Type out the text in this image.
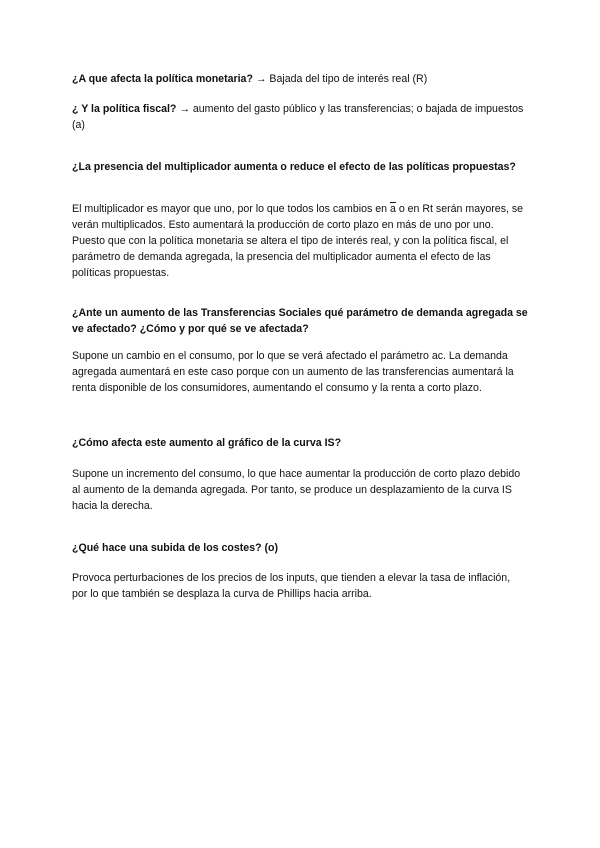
¿A que afecta la política monetaria? → Bajada del tipo de interés real (R)
¿ Y la política fiscal? → aumento del gasto público y las transferencias; o bajada de impuestos (a)
¿La presencia del multiplicador aumenta o reduce el efecto de las políticas propuestas?
El multiplicador es mayor que uno, por lo que todos los cambios en $\overline{a}$ o en Rt serán mayores, se verán multiplicados. Esto aumentará la producción de corto plazo en más de uno por uno. Puesto que con la política monetaria se altera el tipo de interés real, y con la política fiscal, el parámetro de demanda agregada, la presencia del multiplicador aumenta el efecto de las políticas propuestas.
¿Ante un aumento de las Transferencias Sociales qué parámetro de demanda agregada se ve afectado? ¿Cómo y por qué se ve afectada?
Supone un cambio en el consumo, por lo que se verá afectado el parámetro ac. La demanda agregada aumentará en este caso porque con un aumento de las transferencias aumentará la renta disponible de los consumidores, aumentando el consumo y la renta a corto plazo.
¿Cómo afecta este aumento al gráfico de la curva IS?
Supone un incremento del consumo, lo que hace aumentar la producción de corto plazo debido al aumento de la demanda agregada. Por tanto, se produce un desplazamiento de la curva IS hacia la derecha.
¿Qué hace una subida de los costes? (o)
Provoca perturbaciones de los precios de los inputs, que tienden a elevar la tasa de inflación, por lo que también se desplaza la curva de Phillips hacia arriba.
